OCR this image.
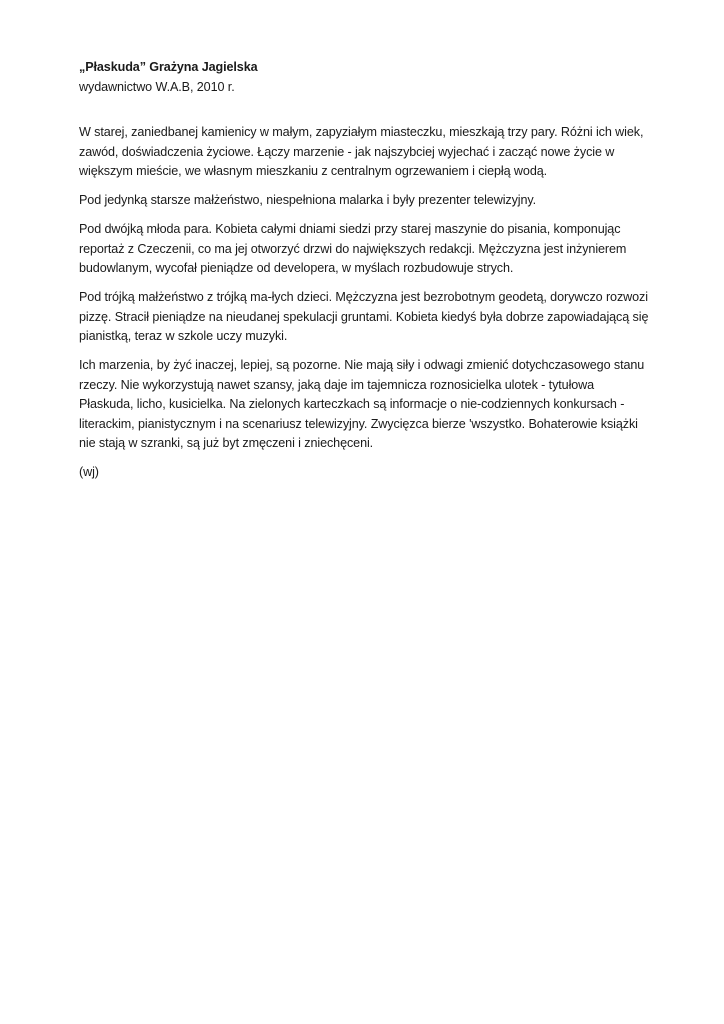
„Płaskuda” Grażyna Jagielska
wydawnictwo W.A.B, 2010 r.

W starej, zaniedbanej kamienicy w małym, zapyziałym miasteczku, mieszkają trzy pary. Różni ich wiek, zawód, doświadczenia życiowe. Łączy marzenie - jak najszybciej wyjechać i zacząć nowe życie w większym mieście, we własnym mieszkaniu z centralnym ogrzewaniem i ciepłą wodą.

Pod jedynką starsze małżeństwo, niespełniona malarka i były prezenter telewizyjny.

Pod dwójką młoda para. Kobieta całymi dniami siedzi przy starej maszynie do pisania, komponując reportaż z Czeczenii, co ma jej otworzyć drzwi do największych redakcji. Mężczyzna jest inżynierem budowlanym, wycofał pieniądze od developera, w myślach rozbudowuje strych.

Pod trójką małżeństwo z trójką ma-łych dzieci. Mężczyzna jest bezrobotnym geodetą, dorywczo rozwozi pizzę. Stracił pieniądze na nieudanej spekulacji gruntami. Kobieta kiedyś była dobrze zapowiadającą się pianistką, teraz w szkole uczy muzyki.

Ich marzenia, by żyć inaczej, lepiej, są pozorne. Nie mają siły i odwagi zmienić dotychczasowego stanu rzeczy. Nie wykorzystują nawet szansy, jaką daje im tajemnicza roznosicielka ulotek - tytułowa Płaskuda, licho, kusicielka. Na zielonych karteczkach są informacje o nie-codziennych konkursach - literackim, pianistycznym i na scenariusz telewizyjny. Zwycięzca bierze 'wszystko. Bohaterowie książki nie stają w szranki, są już byt zmęczeni i zniechęceni.

(wj)
